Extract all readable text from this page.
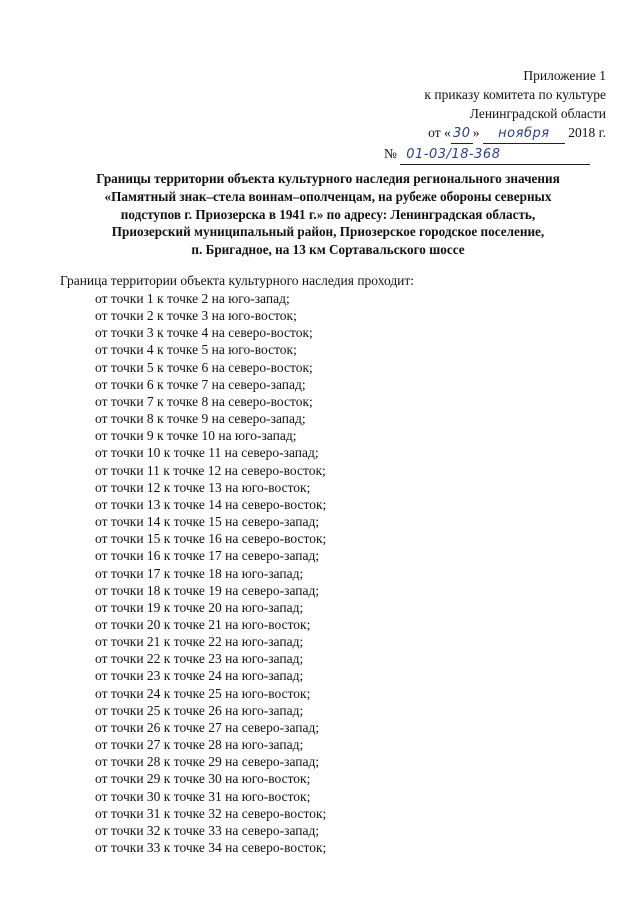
Приложение 1
к приказу комитета по культуре
Ленинградской области
от « 30 » ноября 2018 г.
№ 01-03/18-368
Границы территории объекта культурного наследия регионального значения
«Памятный знак–стела воинам–ополченцам, на рубеже обороны северных
подступов г. Приозерска в 1941 г.» по адресу: Ленинградская область,
Приозерский муниципальный район, Приозерское городское поселение,
п. Бригадное, на 13 км Сортавальского шоссе
Граница территории объекта культурного наследия проходит:
от точки 1 к точке 2 на юго-запад;
от точки 2 к точке 3 на юго-восток;
от точки 3 к точке 4 на северо-восток;
от точки 4 к точке 5 на юго-восток;
от точки 5 к точке 6 на северо-восток;
от точки 6 к точке 7 на северо-запад;
от точки 7 к точке 8 на северо-восток;
от точки 8 к точке 9 на северо-запад;
от точки 9 к точке 10 на юго-запад;
от точки 10 к точке 11 на северо-запад;
от точки 11 к точке 12 на северо-восток;
от точки 12 к точке 13 на юго-восток;
от точки 13 к точке 14 на северо-восток;
от точки 14 к точке 15 на северо-запад;
от точки 15 к точке 16 на северо-восток;
от точки 16 к точке 17 на северо-запад;
от точки 17 к точке 18 на юго-запад;
от точки 18 к точке 19 на северо-запад;
от точки 19 к точке 20 на юго-запад;
от точки 20 к точке 21 на юго-восток;
от точки 21 к точке 22 на юго-запад;
от точки 22 к точке 23 на юго-запад;
от точки 23 к точке 24 на юго-запад;
от точки 24 к точке 25 на юго-восток;
от точки 25 к точке 26 на юго-запад;
от точки 26 к точке 27 на северо-запад;
от точки 27 к точке 28 на юго-запад;
от точки 28 к точке 29 на северо-запад;
от точки 29 к точке 30 на юго-восток;
от точки 30 к точке 31 на юго-восток;
от точки 31 к точке 32 на северо-восток;
от точки 32 к точке 33 на северо-запад;
от точки 33 к точке 34 на северо-восток;
